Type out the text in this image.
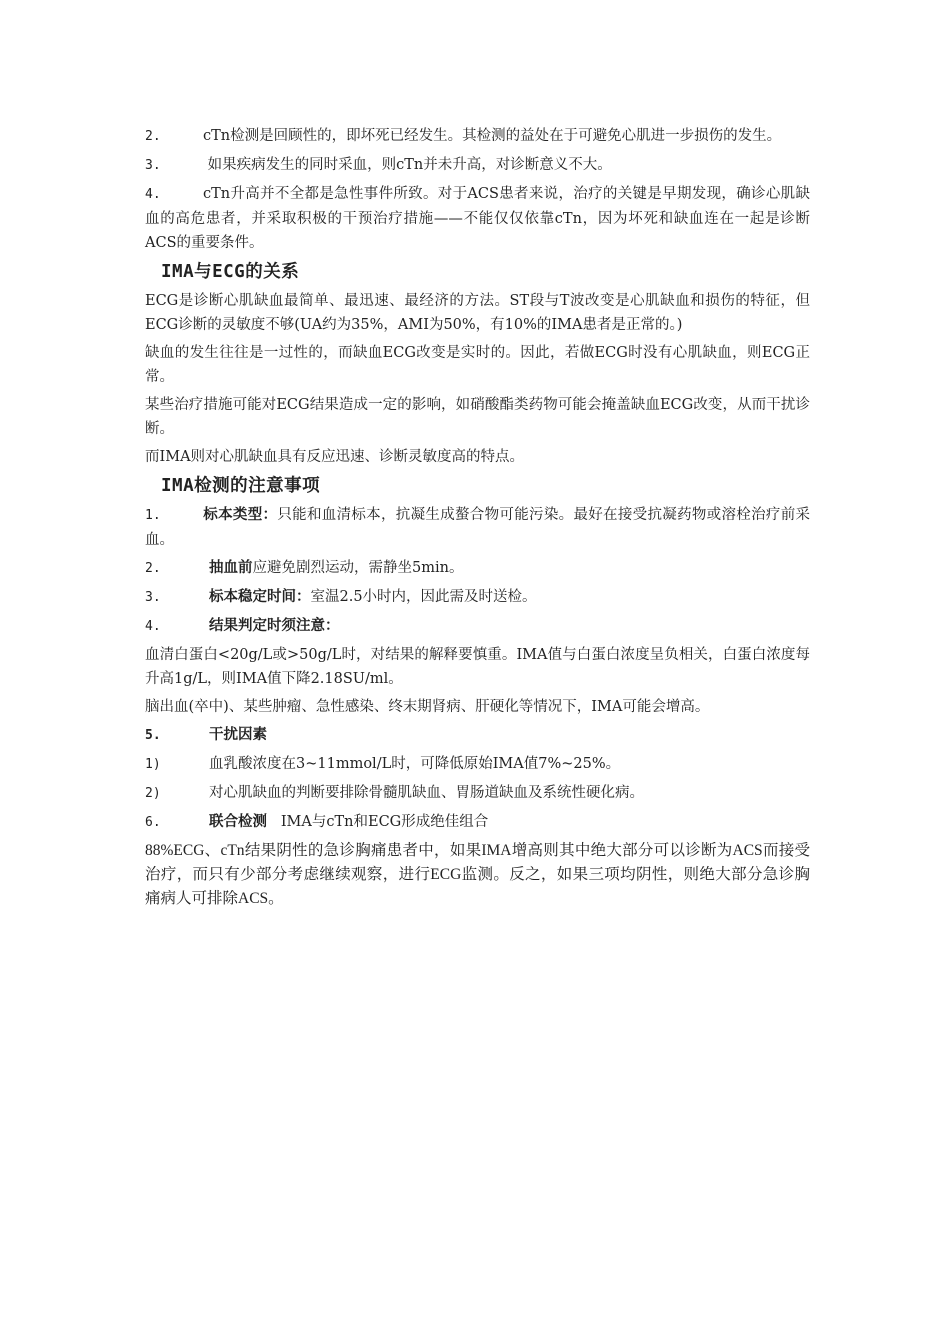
2.	cTn检测是回顾性的，即坏死已经发生。其检测的益处在于可避免心肌进一步损伤的发生。

3.	如果疾病发生的同时采血，则cTn并未升高，对诊断意义不大。

4.	cTn升高并不全都是急性事件所致。对于ACS患者来说，治疗的关键是早期发现，确诊心肌缺血的高危患者，并采取积极的干预治疗措施——不能仅仅依靠cTn，因为坏死和缺血连在一起是诊断ACS的重要条件。

IMA与ECG的关系

ECG是诊断心肌缺血最简单、最迅速、最经济的方法。ST段与T波改变是心肌缺血和损伤的特征，但ECG诊断的灵敏度不够(UA约为35%，AMI为50%，有10%的IMA患者是正常的。)

缺血的发生往往是一过性的，而缺血ECG改变是实时的。因此，若做ECG时没有心肌缺血，则ECG正常。

某些治疗措施可能对ECG结果造成一定的影响，如硝酸酯类药物可能会掩盖缺血ECG改变，从而干扰诊断。

而IMA则对心肌缺血具有反应迅速、诊断灵敏度高的特点。

IMA检测的注意事项

1.	标本类型：只能和血清标本，抗凝生成螯合物可能污染。最好在接受抗凝药物或溶栓治疗前采血。

2.	抽血前应避免剧烈运动，需静坐5min。

3.	标本稳定时间：室温2.5小时内，因此需及时送检。

4.	结果判定时须注意：

血清白蛋白<20g/L或>50g/L时，对结果的解释要慎重。IMA值与白蛋白浓度呈负相关，白蛋白浓度每升高1g/L，则IMA值下降2.18SU/ml。

脑出血(卒中)、某些肿瘤、急性感染、终末期肾病、肝硬化等情况下，IMA可能会增高。

5.	干扰因素

1)	血乳酸浓度在3~11mmol/L时，可降低原始IMA值7%~25%。

2)	对心肌缺血的判断要排除骨髓肌缺血、胃肠道缺血及系统性硬化病。

6.	联合检测 IMA与cTn和ECG形成绝佳组合

88%ECG、cTn结果阴性的急诊胸痛患者中，如果IMA增高则其中绝大部分可以诊断为ACS而接受治疗，而只有少部分考虑继续观察，进行ECG监测。反之，如果三项均阴性，则绝大部分急诊胸痛病人可排除ACS。
